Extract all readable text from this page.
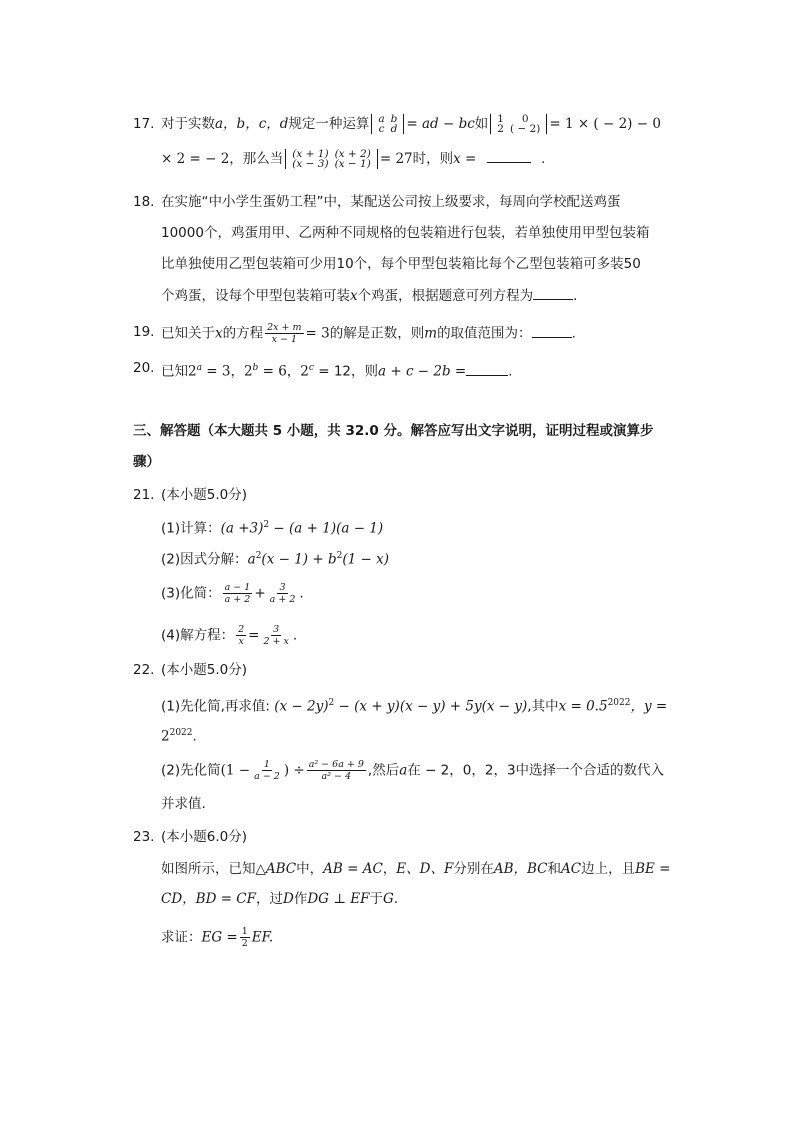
17. 对于实数a，b，c，d规定一种运算 a
c
b
d = ad − bc如 1
2
0
( − 2) = 1 × ( − 2) − 0
× 2 = − 2，那么当 (x + 1)
(x − 3)
(x + 2)
(x − 1) = 27时，则x =	.
18. 在实施“中小学生蛋奶工程”中，某配送公司按上级要求，每周向学校配送鸡蛋
10000个，鸡蛋用甲、乙两种不同规格的包装箱进行包装，若单独使用甲型包装箱
比单独使用乙型包装箱可少用10个，每个甲型包装箱比每个乙型包装箱可多装50
个鸡蛋，设每个甲型包装箱可装x个鸡蛋，根据题意可列方程为	.
19. 已知关于x的方程 $\frac{2x + m}{x - 1} = 3$的解是正数，则m的取值范围为：	.
20. 已知$2^a = 3$，$2^b = 6$，$2^c = 12$，则a + c − 2b =	.
三、解答题（本大题共 5 小题，共 32.0 分。解答应写出文字说明，证明过程或演算步
骤）
21. (本小题5.0分)
(1)计算：$(a +3)^2 - (a + 1)(a - 1)$
(2)因式分解：$a^2(x - 1) + b^2(1 - x)$
(3)化简： $\frac{a - 1}{a + 2} + \frac{3}{a + 2}$ .
(4)解方程： $\frac{2}{x} = \frac{3}{2 + x}$ .
22. (本小题5.0分)
(1)先化简,再求值: $(x - 2y)^2 - (x + y)(x - y) + 5y(x - y)$,其中$x = 0.5^{2022}$，y =
$2^{2022}$.
(2)先化简($1 - \frac{1}{a - 2}$ ) ÷ $\frac{\text{a² − 6a + 9}}{\text{a² − 4}}$ ,然后a在 − 2，0，2，3中选择一个合适的数代入
并求值.
23. (本小题6.0分)
如图所示，已知△ABC中，AB = AC，E、D、F分别在AB，BC和AC边上，且BE =
CD，BD = CF，过D作DG ⊥ EF于G.
求证：EG = $\frac{1}{2}$ EF.
